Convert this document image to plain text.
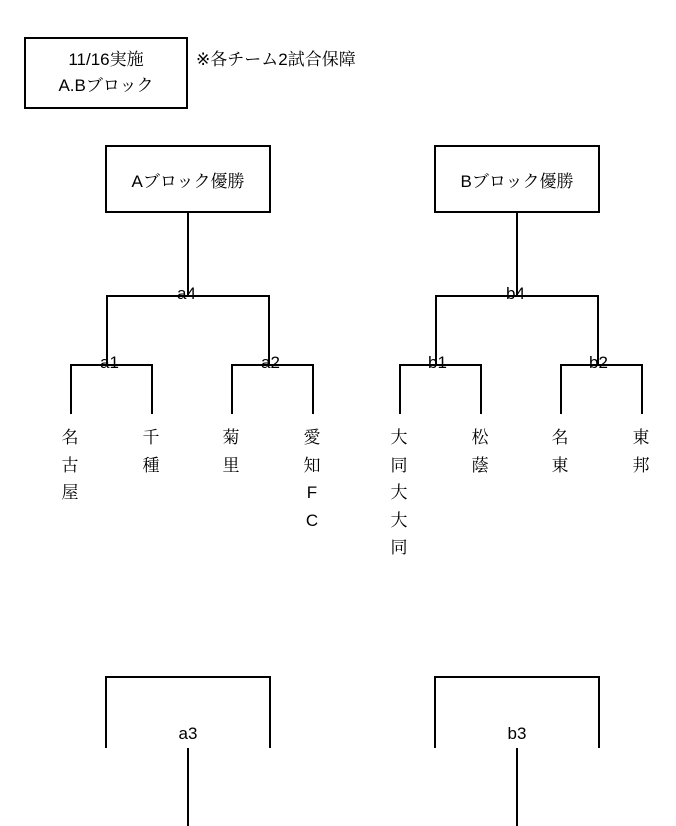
11/16実施
A.Bブロック
※各チーム2試合保障
Aブロック優勝	Bブロック優勝
a4
a1	a2
b4
b1	b2
名
古
屋
千
種
菊
里
愛
知
F
C
大
同
大
大
同
松
蔭
名
東
東
邦
a3	b3
